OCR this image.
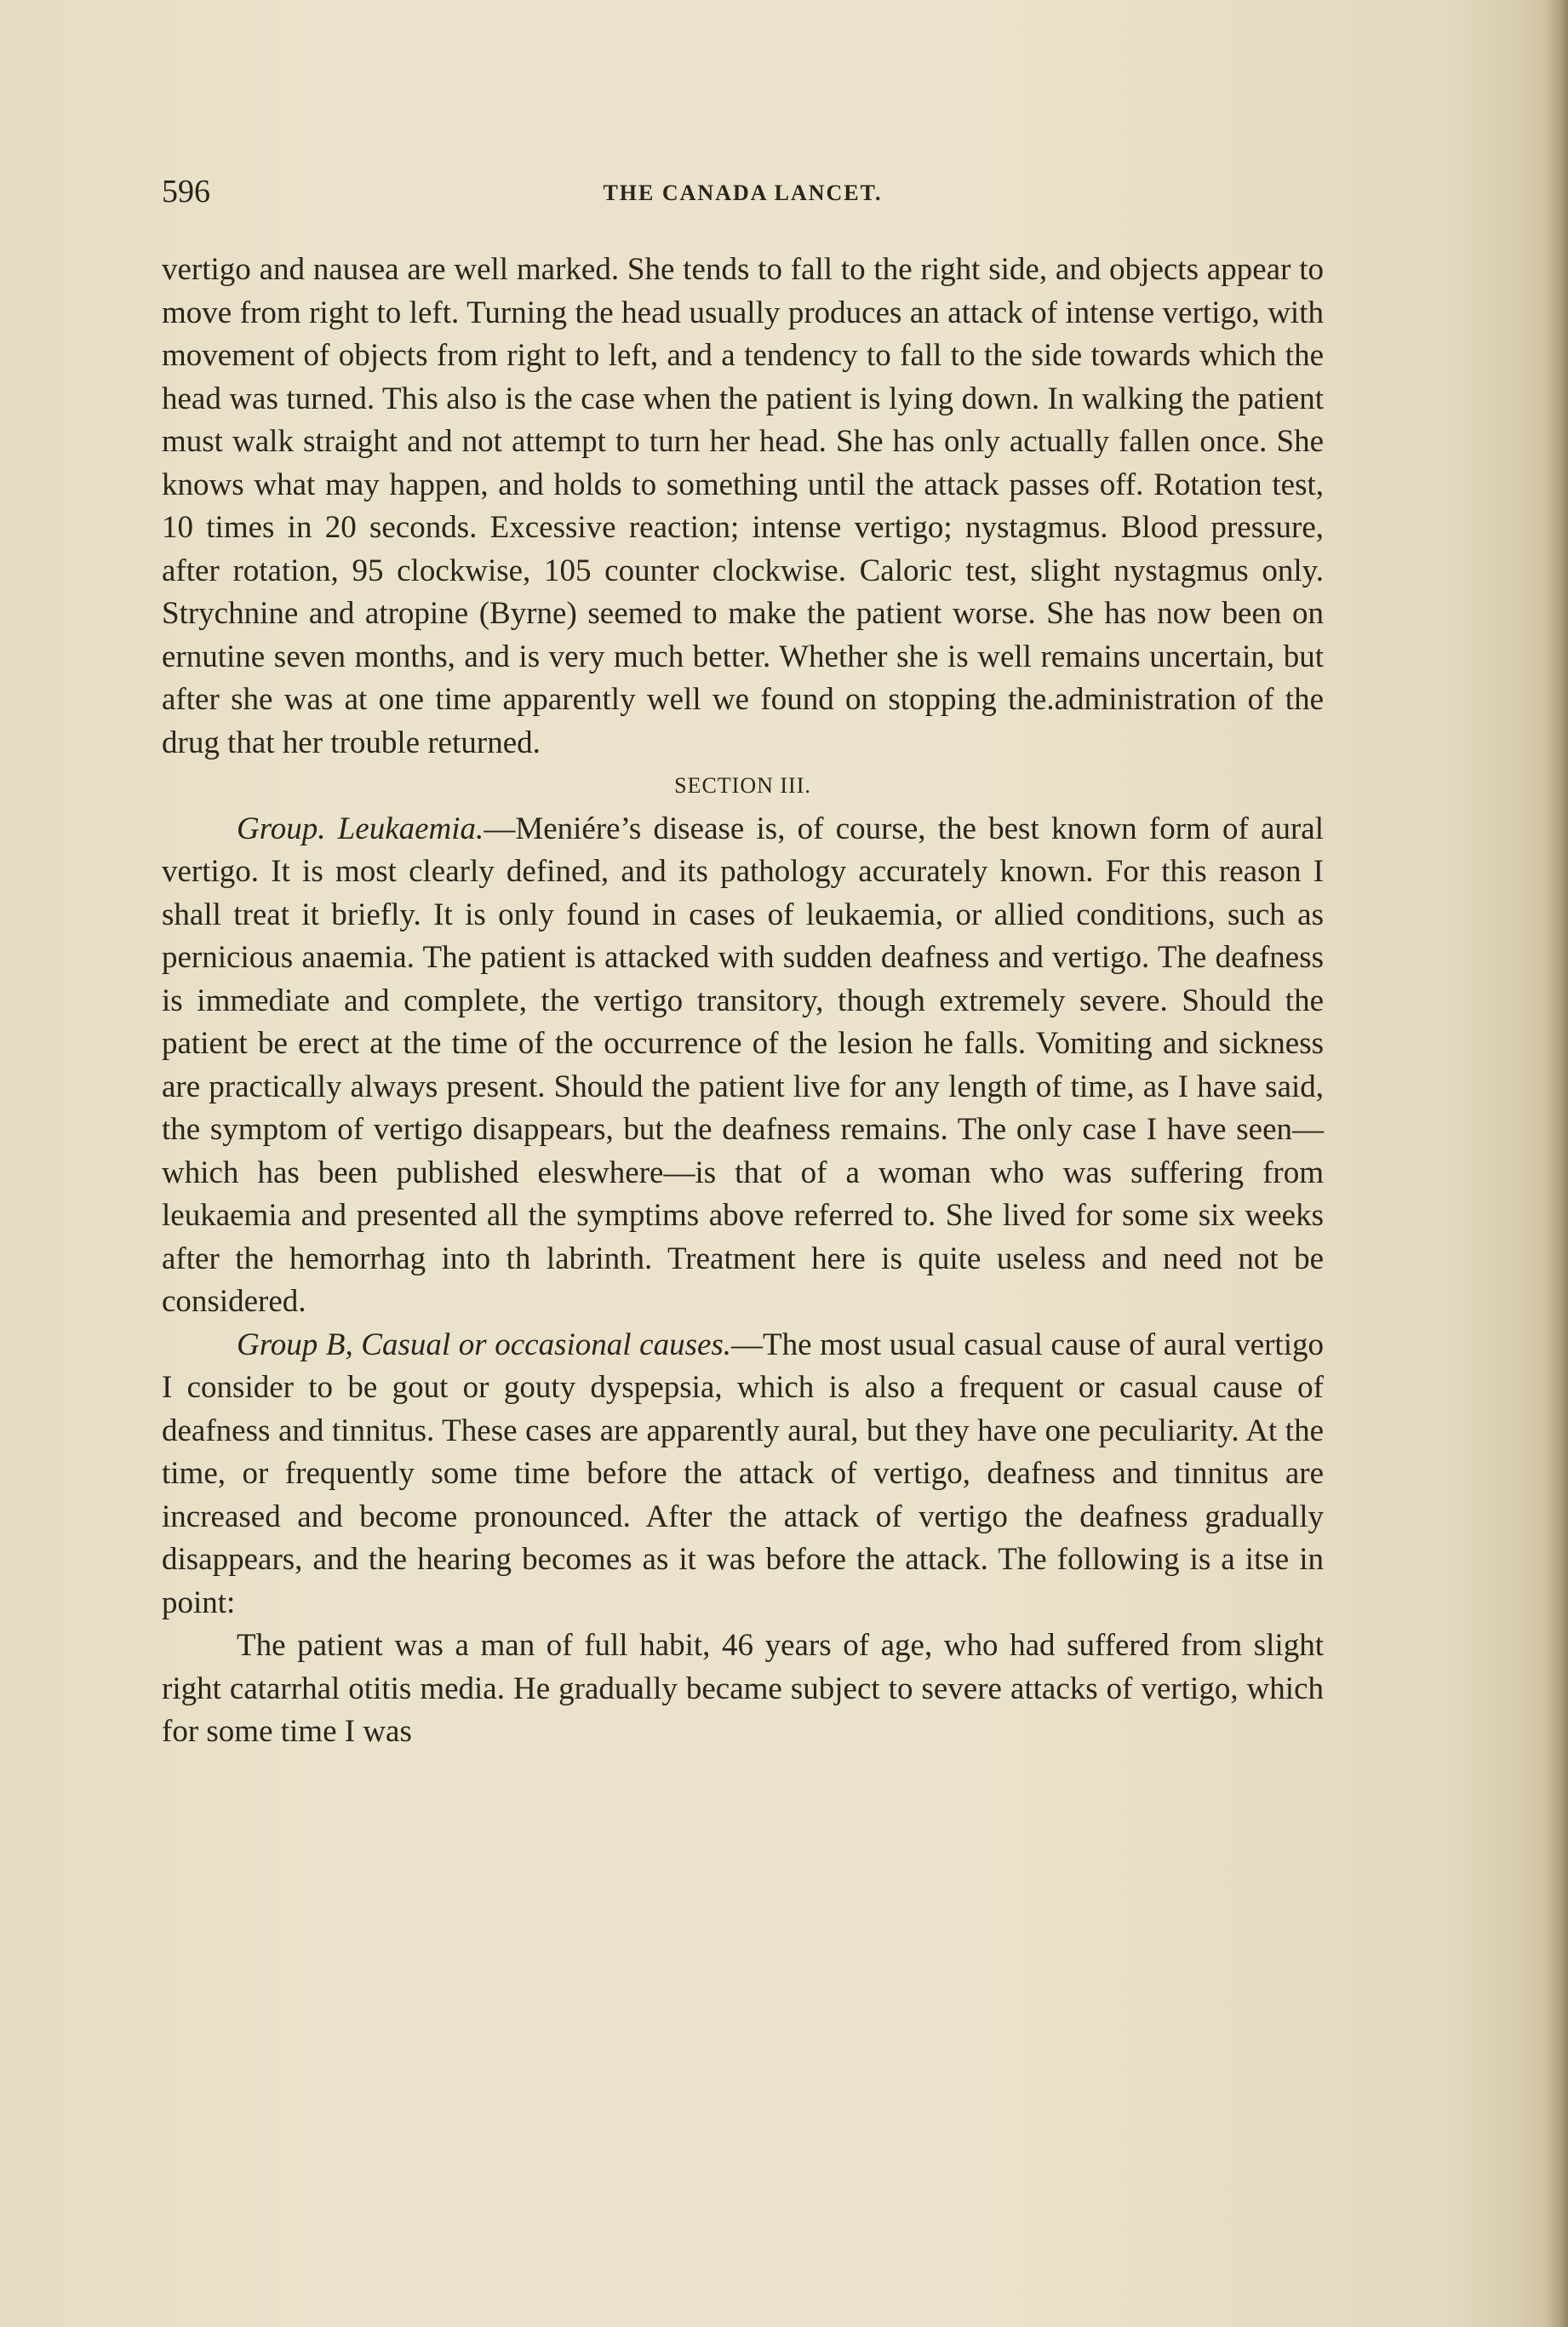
596	THE CANADA LANCET.

vertigo and nausea are well marked. She tends to fall to the right side, and objects appear to move from right to left. Turning the head usually produces an attack of intense vertigo, with movement of objects from right to left, and a tendency to fall to the side towards which the head was turned. This also is the case when the patient is lying down. In walking the patient must walk straight and not attempt to turn her head. She has only actually fallen once. She knows what may happen, and holds to something until the attack passes off. Rotation test, 10 times in 20 seconds. Excessive reaction; intense vertigo; nystagmus. Blood pressure, after rotation, 95 clockwise, 105 counter clockwise. Caloric test, slight nystagmus only. Strychnine and atropine (Byrne) seemed to make the patient worse. She has now been on ernutine seven months, and is very much better. Whether she is well remains uncertain, but after she was at one time apparently well we found on stopping the.administration of the drug that her trouble returned.

SECTION III.

Group. Leukaemia.—Meniére’s disease is, of course, the best known form of aural vertigo. It is most clearly defined, and its pathology accurately known. For this reason I shall treat it briefly. It is only found in cases of leukaemia, or allied conditions, such as pernicious anaemia. The patient is attacked with sudden deafness and vertigo. The deafness is immediate and complete, the vertigo transitory, though extremely severe. Should the patient be erect at the time of the occurrence of the lesion he falls. Vomiting and sickness are practically always present. Should the patient live for any length of time, as I have said, the symptom of vertigo disappears, but the deafness remains. The only case I have seen—which has been published eleswhere—is that of a woman who was suffering from leukaemia and presented all the symptims above referred to. She lived for some six weeks after the hemorrhag into th labrinth. Treatment here is quite useless and need not be considered.

Group B, Casual or occasional causes.—The most usual casual cause of aural vertigo I consider to be gout or gouty dyspepsia, which is also a frequent or casual cause of deafness and tinnitus. These cases are apparently aural, but they have one peculiarity. At the time, or frequently some time before the attack of vertigo, deafness and tinnitus are increased and become pronounced. After the attack of vertigo the deafness gradually disappears, and the hearing becomes as it was before the attack. The following is a itse in point:

The patient was a man of full habit, 46 years of age, who had suffered from slight right catarrhal otitis media. He gradually became subject to severe attacks of vertigo, which for some time I was
